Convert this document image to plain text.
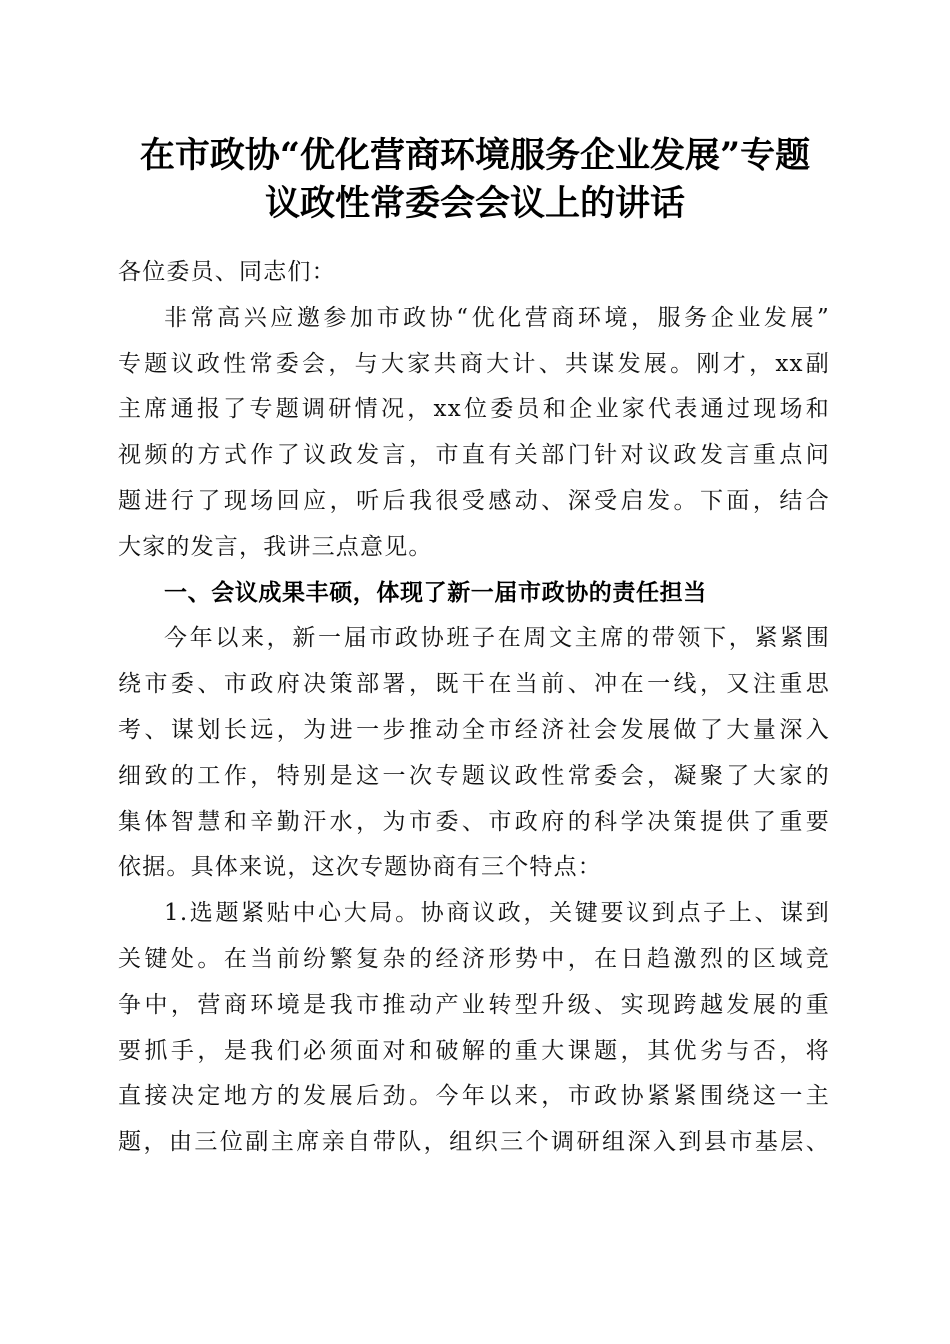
在市政协“优化营商环境服务企业发展”专题
议政性常委会会议上的讲话

各位委员、同志们：

非常高兴应邀参加市政协“优化营商环境，服务企业发展”
专题议政性常委会，与大家共商大计、共谋发展。刚才，xx副
主席通报了专题调研情况，xx位委员和企业家代表通过现场和
视频的方式作了议政发言，市直有关部门针对议政发言重点问
题进行了现场回应，听后我很受感动、深受启发。下面，结合
大家的发言，我讲三点意见。

一、会议成果丰硕，体现了新一届市政协的责任担当

今年以来，新一届市政协班子在周文主席的带领下，紧紧围
绕市委、市政府决策部署，既干在当前、冲在一线，又注重思
考、谋划长远，为进一步推动全市经济社会发展做了大量深入
细致的工作，特别是这一次专题议政性常委会，凝聚了大家的
集体智慧和辛勤汗水，为市委、市政府的科学决策提供了重要
依据。具体来说，这次专题协商有三个特点：
1.选题紧贴中心大局。协商议政，关键要议到点子上、谋到
关键处。在当前纷繁复杂的经济形势中，在日趋激烈的区域竞
争中，营商环境是我市推动产业转型升级、实现跨越发展的重
要抓手，是我们必须面对和破解的重大课题，其优劣与否，将
直接决定地方的发展后劲。今年以来，市政协紧紧围绕这一主
题，由三位副主席亲自带队，组织三个调研组深入到县市基层、
